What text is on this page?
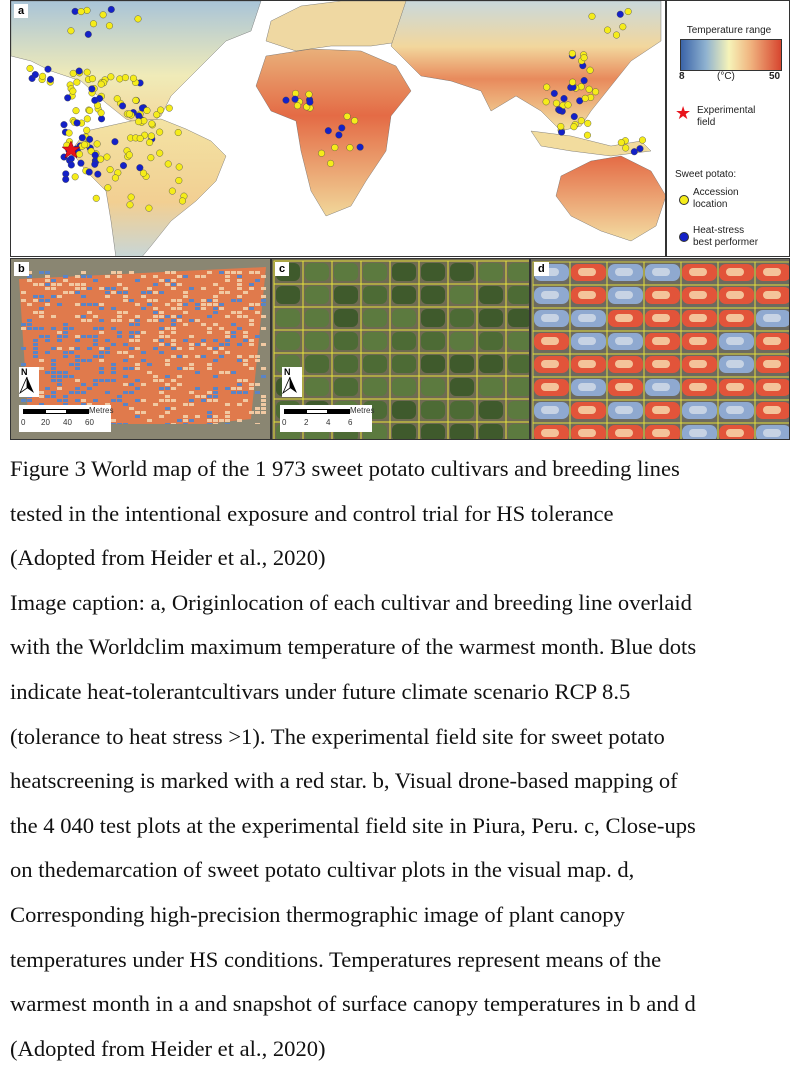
a
Temperature range
8	(°C)	50
★ Experimental
field
Sweet potato:
Accession
location
Heat-stress
best performer
b
N
Metres
0 20 40 60
c
N
Metres
0 2 4 6
d
Figure 3 World map of the 1 973 sweet potato cultivars and breeding lines
tested in the intentional exposure and control trial for HS tolerance
(Adopted from Heider et al., 2020)
Image caption: a, Originlocation of each cultivar and breeding line overlaid
with the Worldclim maximum temperature of the warmest month. Blue dots
indicate heat-tolerantcultivars under future climate scenario RCP 8.5
(tolerance to heat stress >1). The experimental field site for sweet potato
heatscreening is marked with a red star. b, Visual drone-based mapping of
the 4 040 test plots at the experimental field site in Piura, Peru. c, Close-ups
on thedemarcation of sweet potato cultivar plots in the visual map. d,
Corresponding high-precision thermographic image of plant canopy
temperatures under HS conditions. Temperatures represent means of the
warmest month in a and snapshot of surface canopy temperatures in b and d
(Adopted from Heider et al., 2020)
